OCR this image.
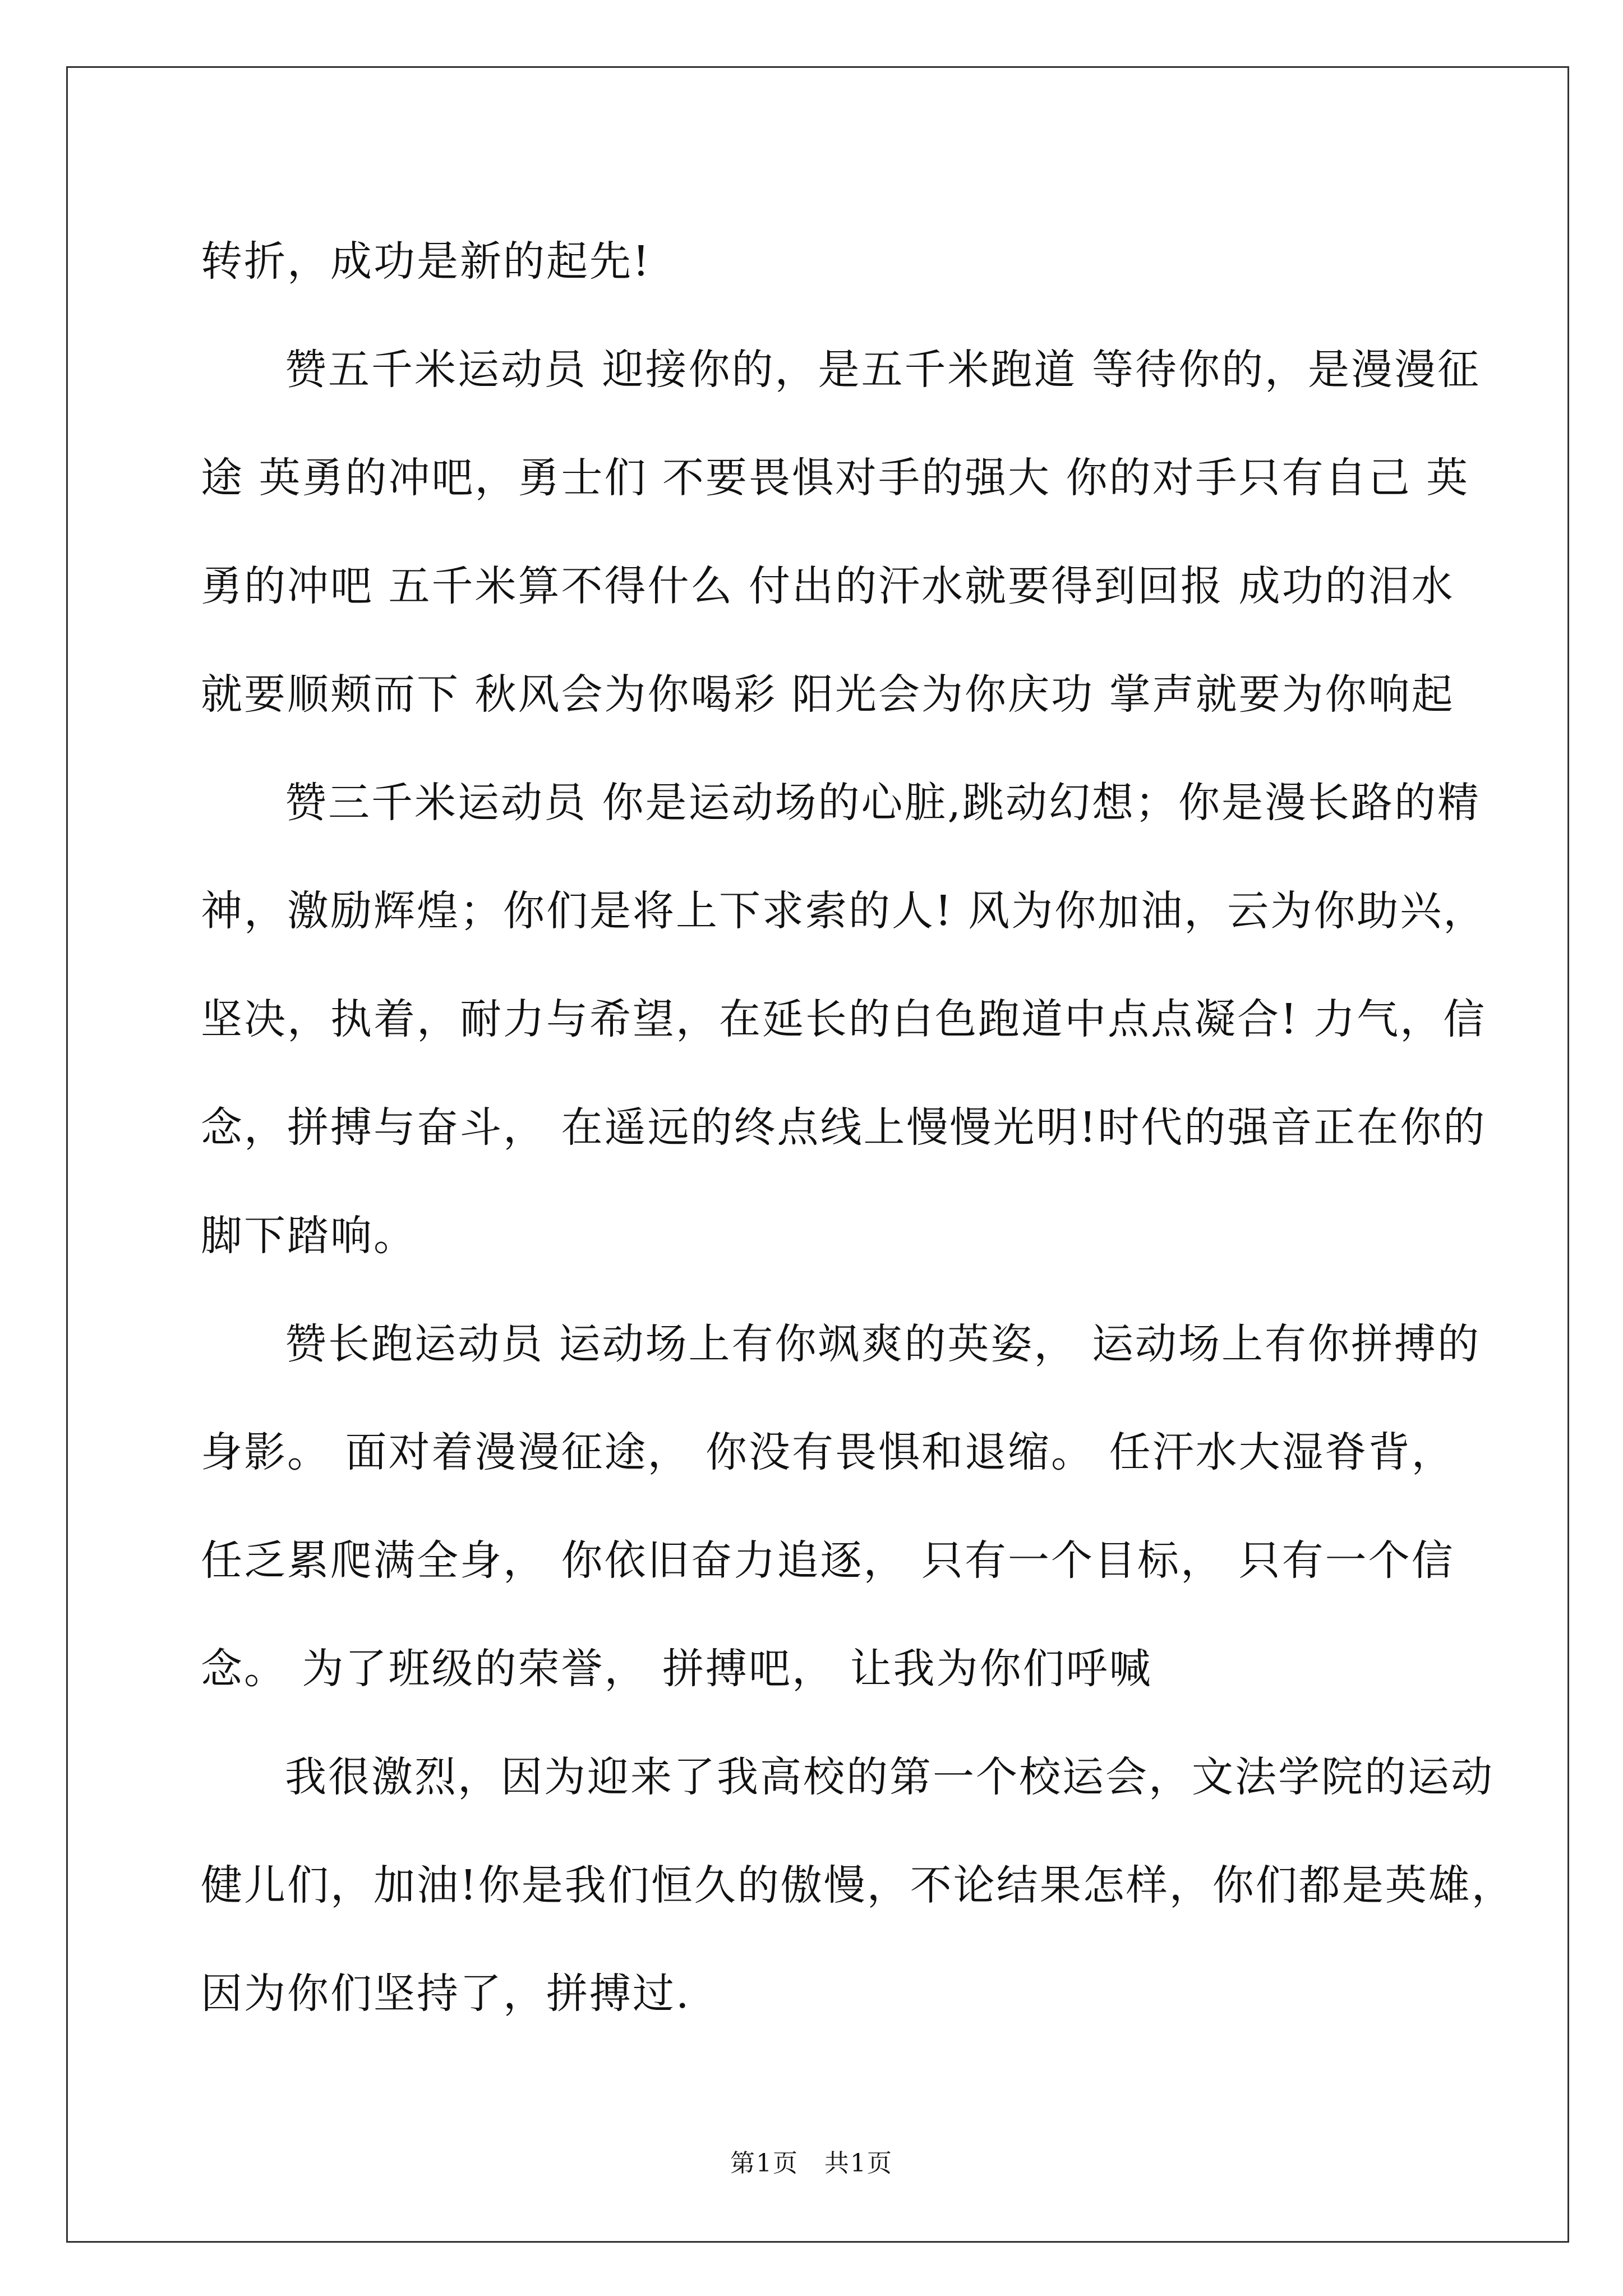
转折，成功是新的起先!
赞五千米运动员 迎接你的，是五千米跑道 等待你的，是漫漫征
途 英勇的冲吧，勇士们 不要畏惧对手的强大 你的对手只有自己 英
勇的冲吧 五千米算不得什么 付出的汗水就要得到回报 成功的泪水
就要顺颊而下 秋风会为你喝彩 阳光会为你庆功 掌声就要为你响起
赞三千米运动员 你是运动场的心脏,跳动幻想；你是漫长路的精
神，激励辉煌；你们是将上下求索的人! 风为你加油，云为你助兴，
坚决，执着，耐力与希望，在延长的白色跑道中点点凝合! 力气，信
念，拼搏与奋斗， 在遥远的终点线上慢慢光明!时代的强音正在你的
脚下踏响。
赞长跑运动员 运动场上有你飒爽的英姿， 运动场上有你拼搏的
身影。 面对着漫漫征途， 你没有畏惧和退缩。 任汗水大湿脊背，
任乏累爬满全身， 你依旧奋力追逐， 只有一个目标， 只有一个信
念。 为了班级的荣誉， 拼搏吧， 让我为你们呼喊
我很激烈，因为迎来了我高校的第一个校运会，文法学院的运动
健儿们，加油!你是我们恒久的傲慢，不论结果怎样，你们都是英雄，
因为你们坚持了，拼搏过.
第1页　共1页
